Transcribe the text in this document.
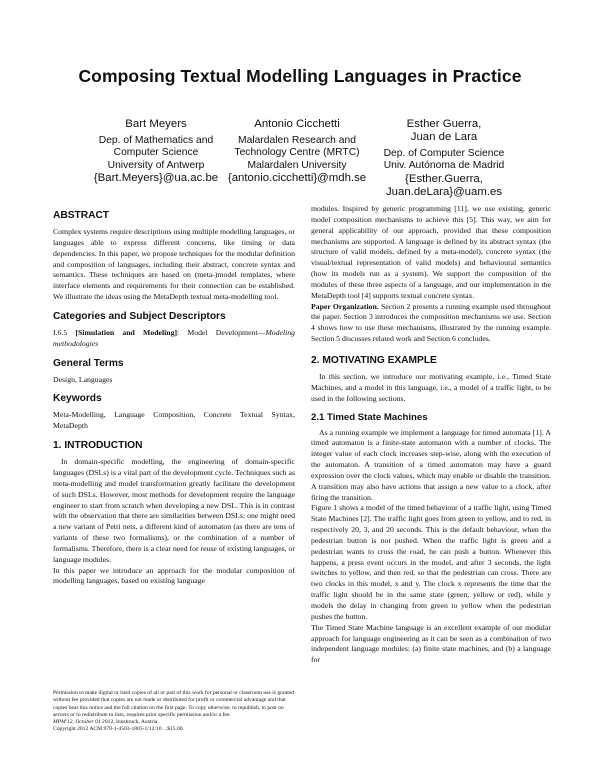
Composing Textual Modelling Languages in Practice
Bart Meyers
Dep. of Mathematics and
Computer Science
University of Antwerp
{Bart.Meyers}@ua.ac.be
Antonio Cicchetti
Malardalen Research and
Technology Centre (MRTC)
Malardalen University
{antonio.cicchetti}@mdh.se
Esther Guerra,
Juan de Lara
Dep. of Computer Science
Univ. Autónoma de Madrid
{Esther.Guerra,
Juan.deLara}@uam.es
ABSTRACT

Complex systems require descriptions using multiple modelling languages, or languages able to express different concerns, like timing or data dependencies. In this paper, we propose techniques for the modular definition and composition of languages, including their abstract, concrete syntax and semantics. These techniques are based on (meta-)model templates, where interface elements and requirements for their connection can be established. We illustrate the ideas using the MetaDepth textual meta-modelling tool.

Categories and Subject Descriptors

I.6.5 [Simulation and Modeling]: Model Development—Modeling methodologies

General Terms

Design, Languages

Keywords

Meta-Modelling, Language Composition, Concrete Textual Syntax, MetaDepth

1. INTRODUCTION

In domain-specific modelling, the engineering of domain-specific languages (DSLs) is a vital part of the development cycle. Techniques such as meta-modelling and model transformation greatly facilitate the development of such DSLs. However, most methods for development require the language engineer to start from scratch when developing a new DSL. This is in contrast with the observation that there are similarities between DSLs: one might need a new variant of Petri nets, a different kind of automaton (as there are tens of variants of these two formalisms), or the combination of a number of formalisms. Therefore, there is a clear need for reuse of existing languages, or language modules.

In this paper we introduce an approach for the modular composition of modelling languages, based on existing language

Permission to make digital or hard copies of all or part of this work for personal or classroom use is granted without fee provided that copies are not made or distributed for profit or commercial advantage and that copies bear this notice and the full citation on the first page. To copy otherwise, to republish, to post on servers or to redistribute to lists, requires prior specific permission and/or a fee.
MPM'12, October 01 2012, Innsbruck, Austria
Copyright 2012 ACM 978-1-4503-1805-1/12/10 ...$15.00.

modules. Inspired by generic programming [11], we use existing, generic model composition mechanisms to achieve this [5]. This way, we aim for general applicability of our approach, provided that these composition mechanisms are supported. A language is defined by its abstract syntax (the structure of valid models, defined by a meta-model), concrete syntax (the visual/textual representation of valid models) and behavioural semantics (how its models run as a system). We support the composition of the modules of these three aspects of a language, and our implementation in the MetaDepth tool [4] supports textual concrete syntax.

Paper Organization. Section 2 presents a running example used throughout the paper. Section 3 introduces the composition mechanisms we use. Section 4 shows how to use these mechanisms, illustrated by the running example. Section 5 discusses related work and Section 6 concludes.

2. MOTIVATING EXAMPLE

In this section, we introduce our motivating example, i.e., Timed State Machines, and a model in this language, i.e., a model of a traffic light, to be used in the following sections.

2.1 Timed State Machines

As a running example we implement a language for timed automata [1]. A timed automaton is a finite-state automaton with a number of clocks. The integer value of each clock increases step-wise, along with the execution of the automaton. A transition of a timed automaton may have a guard expression over the clock values, which may enable or disable the transition. A transition may also have actions that assign a new value to a clock, after firing the transition.

Figure 1 shows a model of the timed behaviour of a traffic light, using Timed State Machines [2]. The traffic light goes from green to yellow, and to red, in respectively 20, 3, and 20 seconds. This is the default behaviour, when the pedestrian button is not pushed. When the traffic light is green and a pedestrian wants to cross the road, he can push a button. Whenever this happens, a press event occurs in the model, and after 3 seconds, the light switches to yellow, and then red, so that the pedestrian can cross. There are two clocks in this model, x and y. The clock x represents the time that the traffic light should be in the same state (green, yellow or red), while y models the delay in changing from green to yellow when the pedestrian pushes the button.

The Timed State Machine language is an excellent example of our modular approach for language engineering as it can be seen as a combination of two independent language modules: (a) finite state machines, and (b) a language for
